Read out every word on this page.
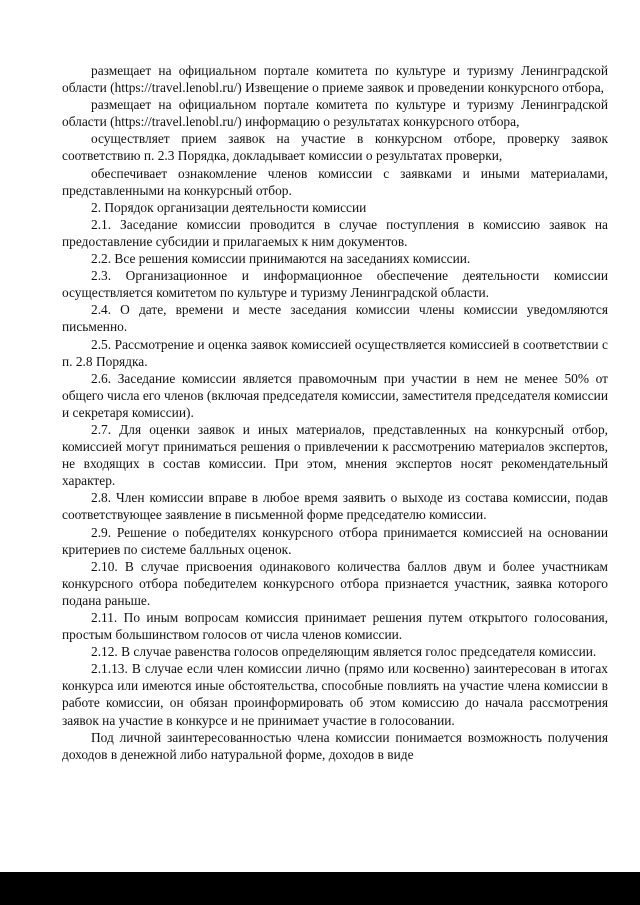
размещает на официальном портале комитета по культуре и туризму Ленинградской области (https://travel.lenobl.ru/) Извещение о приеме заявок и проведении конкурсного отбора,

размещает на официальном портале комитета по культуре и туризму Ленинградской области (https://travel.lenobl.ru/) информацию о результатах конкурсного отбора,

осуществляет прием заявок на участие в конкурсном отборе, проверку заявок соответствию п. 2.3 Порядка, докладывает комиссии о результатах проверки,

обеспечивает ознакомление членов комиссии с заявками и иными материалами, представленными на конкурсный отбор.

2. Порядок организации деятельности комиссии

2.1. Заседание комиссии проводится в случае поступления в комиссию заявок на предоставление субсидии и прилагаемых к ним документов.

2.2. Все решения комиссии принимаются на заседаниях комиссии.

2.3. Организационное и информационное обеспечение деятельности комиссии осуществляется комитетом по культуре и туризму Ленинградской области.

2.4. О дате, времени и месте заседания комиссии члены комиссии уведомляются письменно.

2.5. Рассмотрение и оценка заявок комиссией осуществляется комиссией в соответствии с п. 2.8 Порядка.

2.6. Заседание комиссии является правомочным при участии в нем не менее 50% от общего числа его членов (включая председателя комиссии, заместителя председателя комиссии и секретаря комиссии).

2.7. Для оценки заявок и иных материалов, представленных на конкурсный отбор, комиссией могут приниматься решения о привлечении к рассмотрению материалов экспертов, не входящих в состав комиссии. При этом, мнения экспертов носят рекомендательный характер.

2.8. Член комиссии вправе в любое время заявить о выходе из состава комиссии, подав соответствующее заявление в письменной форме председателю комиссии.

2.9. Решение о победителях конкурсного отбора принимается комиссией на основании критериев по системе балльных оценок.

2.10. В случае присвоения одинакового количества баллов двум и более участникам конкурсного отбора победителем конкурсного отбора признается участник, заявка которого подана раньше.

2.11. По иным вопросам комиссия принимает решения путем открытого голосования, простым большинством голосов от числа членов комиссии.

2.12. В случае равенства голосов определяющим является голос председателя комиссии.

2.1.13. В случае если член комиссии лично (прямо или косвенно) заинтересован в итогах конкурса или имеются иные обстоятельства, способные повлиять на участие члена комиссии в работе комиссии, он обязан проинформировать об этом комиссию до начала рассмотрения заявок на участие в конкурсе и не принимает участие в голосовании.

Под личной заинтересованностью члена комиссии понимается возможность получения доходов в денежной либо натуральной форме, доходов в виде
